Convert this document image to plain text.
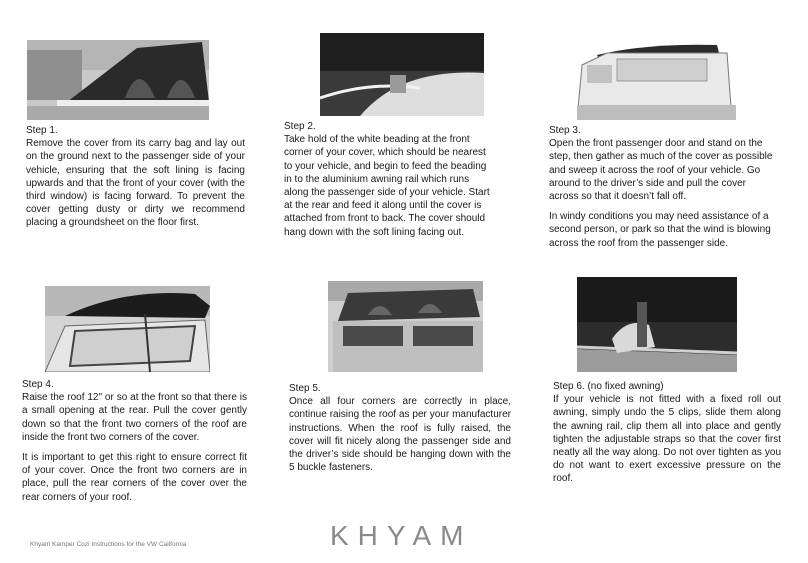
Step 1.

Remove the cover from its carry bag and lay out on the ground next to the passenger side of your vehicle, ensuring that the soft lining is facing upwards and that the front of your cover (with the third window) is facing forward. To prevent the cover getting dusty or dirty we recommend placing a groundsheet on the floor first.

Step 2.

Take hold of the white beading at the front corner of your cover, which should be nearest to your vehicle, and begin to feed the beading in to the aluminium awning rail which runs along the passenger side of your vehicle. Start at the rear and feed it along until the cover is attached from front to back. The cover should hang down with the soft lining facing out.

Step 3.

Open the front passenger door and stand on the step, then gather as much of the cover as possible and sweep it across the roof of your vehicle. Go around to the driver’s side and pull the cover across so that it doesn’t fall off.

In windy conditions you may need assistance of a second person, or park so that the wind is blowing across the roof from the passenger side.

Step 4.

Raise the roof 12" or so at the front so that there is a small opening at the rear. Pull the cover gently down so that the front two corners of the roof are inside the front two corners of the cover.

It is important to get this right to ensure correct fit of your cover. Once the front two corners are in place, pull the rear corners of the cover over the rear corners of your roof.

Step 5.

Once all four corners are correctly in place, continue raising the roof as per your manufacturer instructions. When the roof is fully raised, the cover will fit nicely along the passenger side and the driver’s side should be hanging down with the 5 buckle fasteners.

Step 6. (no fixed awning)

If your vehicle is not fitted with a fixed roll out awning, simply undo the 5 clips, slide them along the awning rail, clip them all into place and gently tighten the adjustable straps so that the cover first neatly all the way along. Do not over tighten as you do not want to exert excessive pressure on the roof.

Khyam Kamper Cozi Instructions for the VW California	KHYAM
